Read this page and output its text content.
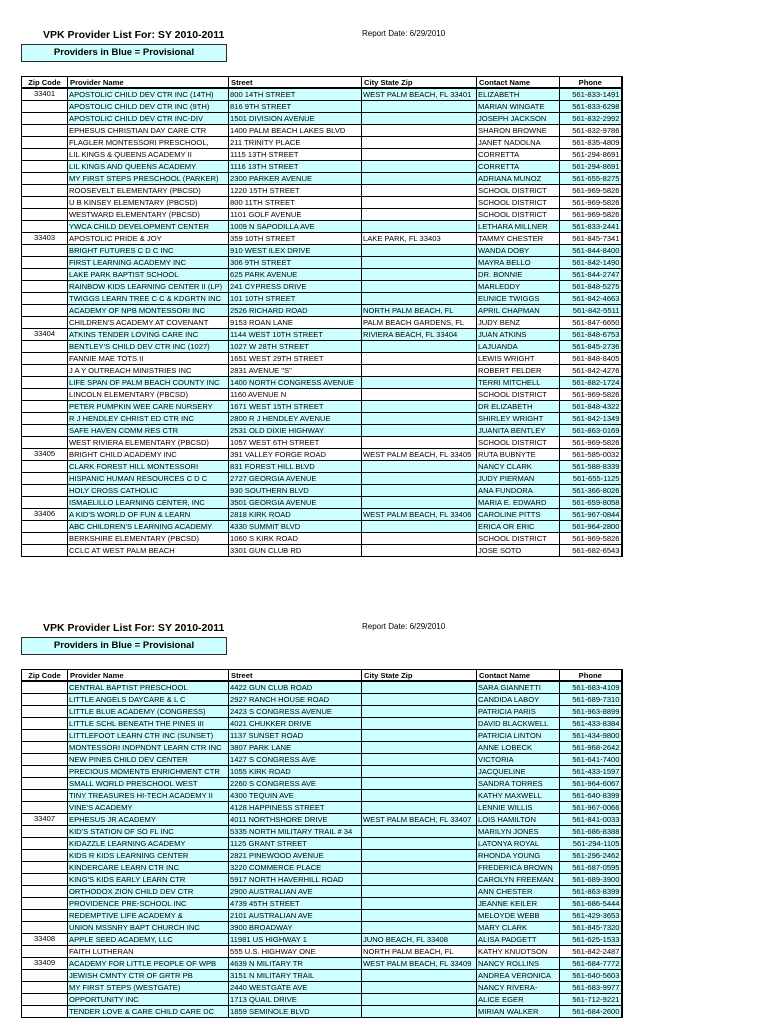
VPK Provider List For: SY 2010-2011	Report Date: 6/29/2010
Providers in Blue = Provisional
Zip Code	Provider Name	Street	City State Zip	Contact Name	Phone
33401	APOSTOLIC CHILD DEV CTR INC (14TH)	800 14TH STREET	WEST PALM BEACH, FL 33401	ELIZABETH	561-833-1491
	APOSTOLIC CHILD DEV CTR INC (9TH)	816 9TH STREET		MARIAN WINGATE	561-833-6298
	APOSTOLIC CHILD DEV CTR INC-DIV	1501 DIVISION AVENUE		JOSEPH JACKSON	561-832-2992
	EPHESUS CHRISTIAN DAY CARE CTR	1400 PALM BEACH LAKES BLVD		SHARON BROWNE	561-832-9786
	FLAGLER MONTESSORI PRESCHOOL,	211 TRINITY PLACE		JANET NADOLNA	561-835-4809
	LIL KINGS & QUEENS ACADEMY II	1115 13TH STREET		CORRETTA	561-294-8691
	LIL KINGS AND QUEENS ACADEMY	1116 13TH STREET		CORRETTA	561-294-8691
	MY FIRST STEPS PRESCHOOL (PARKER)	2300 PARKER AVENUE		ADRIANA MUNOZ	561-655-8275
	ROOSEVELT ELEMENTARY (PBCSD)	1220 15TH STREET		SCHOOL DISTRICT	561-969-5826
	U B KINSEY ELEMENTARY (PBCSD)	800 11TH STREET		SCHOOL DISTRICT	561-969-5826
	WESTWARD ELEMENTARY (PBCSD)	1101 GOLF AVENUE		SCHOOL DISTRICT	561-969-5826
	YWCA CHILD DEVELOPMENT CENTER	1009 N SAPODILLA AVE		LETHARA MILLNER	561-833-2441
33403	APOSTOLIC PRIDE & JOY	359 10TH STREET	LAKE PARK, FL 33403	TAMMY CHESTER	561-845-7341
	BRIGHT FUTURES C D C INC	910 WEST ILEX DRIVE		WANDA DOBY	561-844-8400
	FIRST LEARNING ACADEMY INC	306 9TH STREET		MAYRA BELLO	561-842-1490
	LAKE PARK BAPTIST SCHOOL	625 PARK AVENUE		DR. BONNIE	561-844-2747
	RAINBOW KIDS LEARNING CENTER II (LP)	241 CYPRESS DRIVE		MARLEDDY	561-848-5275
	TWIGGS LEARN TREE C C & KDGRTN INC	101 10TH STREET		EUNICE TWIGGS	561-842-4663
	ACADEMY OF NPB MONTESSORI INC	2526 RICHARD ROAD	NORTH PALM BEACH, FL	APRIL CHAPMAN	561-842-5511
	CHILDREN'S ACADEMY AT COVENANT	9153 ROAN LANE	PALM BEACH GARDENS, FL	JUDY BENZ	561-847-6650
33404	ATKINS TENDER LOVING CARE INC	1144 WEST 10TH STREET	RIVIERA BEACH, FL 33404	JUAN ATKINS	561-848-6753
	BENTLEY'S CHILD DEV CTR INC (1027)	1027 W 28TH STREET		LAJUANDA	561-845-2736
	FANNIE MAE TOTS II	1651 WEST 29TH STREET		LEWIS WRIGHT	561-848-8405
	J A Y OUTREACH MINISTRIES INC	2831 AVENUE "S"		ROBERT FELDER	561-842-4276
	LIFE SPAN OF PALM BEACH COUNTY INC	1400 NORTH CONGRESS AVENUE		TERRI MITCHELL	561-882-1724
	LINCOLN ELEMENTARY (PBCSD)	1160 AVENUE N		SCHOOL DISTRICT	561-969-5826
	PETER PUMPKIN WEE CARE NURSERY	1671 WEST 15TH STREET		DR ELIZABETH	561-848-4322
	R J HENDLEY CHRIST ED CTR INC	2800 R J HENDLEY AVENUE		SHIRLEY WRIGHT	561-842-1349
	SAFE HAVEN COMM RES CTR	2531 OLD DIXIE HIGHWAY		JUANITA BENTLEY	561-863-0169
	WEST RIVIERA ELEMENTARY (PBCSD)	1057 WEST 6TH STREET		SCHOOL DISTRICT	561-969-5826
33405	BRIGHT CHILD ACADEMY INC	391 VALLEY FORGE ROAD	WEST PALM BEACH, FL 33405	RUTA BUBNYTE	561-585-0032
	CLARK FOREST HILL MONTESSORI	831 FOREST HILL BLVD		NANCY CLARK	561-588-8339
	HISPANIC HUMAN RESOURCES C D C	2727 GEORGIA AVENUE		JUDY PIERMAN	561-655-1125
	HOLY CROSS CATHOLIC	930 SOUTHERN BLVD		ANA FUNDORA	561-366-8026
	ISMAELILLO LEARNING CENTER, INC	3501 GEORGIA AVENUE		MARIA E. EDWARD	561-659-8058
33406	A KID'S WORLD OF FUN & LEARN	2818 KIRK ROAD	WEST PALM BEACH, FL 33406	CAROLINE PITTS	561-967-0844
	ABC CHILDREN'S LEARNING ACADEMY	4330 SUMMIT BLVD		ERICA OR ERIC	561-964-2800
	BERKSHIRE ELEMENTARY (PBCSD)	1060 S KIRK ROAD		SCHOOL DISTRICT	561-969-5826
	CCLC AT WEST PALM BEACH	3301 GUN CLUB RD		JOSE SOTO	561-682-6543
VPK Provider List For: SY 2010-2011	Report Date: 6/29/2010
Providers in Blue = Provisional
Zip Code	Provider Name	Street	City State Zip	Contact Name	Phone
	CENTRAL BAPTIST PRESCHOOL	4422 GUN CLUB ROAD		SARA GIANNETTI	561-683-4109
	LITTLE ANGELS DAYCARE & L C	2927 RANCH HOUSE ROAD		CANDIDA LABOY	561-689-7310
	LITTLE BLUE ACADEMY (CONGRESS)	2423 S CONGRESS AVENUE		PATRICIA PARIS	561-963-8899
	LITTLE SCHL BENEATH THE PINES III	4021 CHUKKER DRIVE		DAVID BLACKWELL	561-433-8384
	LITTLEFOOT LEARN CTR INC (SUNSET)	1137 SUNSET ROAD		PATRICIA LINTON	561-434-9800
	MONTESSORI INDPNDNT LEARN CTR INC	3807 PARK LANE		ANNE LOBECK	561-968-2642
	NEW PINES CHILD DEV CENTER	1427 S CONGRESS AVE		VICTORIA	561-641-7400
	PRECIOUS MOMENTS ENRICHMENT CTR	1055 KIRK ROAD		JACQUELINE	561-433-1597
	SMALL WORLD PRESCHOOL WEST	2260 S CONGRESS AVE		SANDRA TORRES	561-964-6067
	TINY TREASURES HI-TECH ACADEMY II	4300 TEQUIN AVE		KATHY MAXWELL	561-640-8399
	VINE'S ACADEMY	4128 HAPPINESS STREET		LENNIE WILLIS	561-967-0066
33407	EPHESUS JR ACADEMY	4011 NORTHSHORE DRIVE	WEST PALM BEACH, FL 33407	LOIS HAMILTON	561-841-0033
	KID'S STATION OF SO FL INC	5335 NORTH MILITARY TRAIL # 34		MARILYN JONES	561-686-8388
	KIDAZZLE LEARNING ACADEMY	1125 GRANT STREET		LATONYA ROYAL	561-294-1105
	KIDS R KIDS LEARNING CENTER	2821 PINEWOOD AVENUE		RHONDA YOUNG	561-296-2462
	KINDERCARE LEARN CTR INC	3220 COMMERCE PLACE		FREDERICA BROWN	561-687-0595
	KING'S KIDS EARLY LEARN CTR	5917 NORTH HAVERHILL ROAD		CAROLYN FREEMAN	561-689-3900
	ORTHODOX ZION CHILD DEV CTR	2900 AUSTRALIAN AVE		ANN CHESTER	561-863-8399
	PROVIDENCE PRE-SCHOOL INC	4739 45TH STREET		JEANNE KEILER	561-686-5444
	REDEMPTIVE LIFE ACADEMY &	2101 AUSTRALIAN AVE		MELOYDE WEBB	561-429-3653
	UNION MSSNRY BAPT CHURCH INC	3900 BROADWAY		MARY CLARK	561-845-7320
33408	APPLE SEED ACADEMY, LLC	11981 US HIGHWAY 1	JUNO BEACH, FL 33408	ALISA PADGETT	561-625-1533
	FAITH LUTHERAN	555 U.S. HIGHWAY ONE	NORTH PALM BEACH, FL	KATHY KNUDTSON	561-842-2487
33409	ACADEMY FOR LITTLE PEOPLE OF WPB	4639 N MILITARY TR	WEST PALM BEACH, FL 33409	NANCY ROLLINS	561-684-7772
	JEWISH CMNTY CTR OF GRTR PB	3151 N MILITARY TRAIL		ANDREA VERONICA	561-640-5603
	MY FIRST STEPS (WESTGATE)	2440 WESTGATE AVE		NANCY RIVERA-	561-683-9977
	OPPORTUNITY INC	1713 QUAIL DRIVE		ALICE EGER	561-712-9221
	TENDER LOVE & CARE CHILD CARE DC	1859 SEMINOLE BLVD		MIRIAN WALKER	561-684-2600
